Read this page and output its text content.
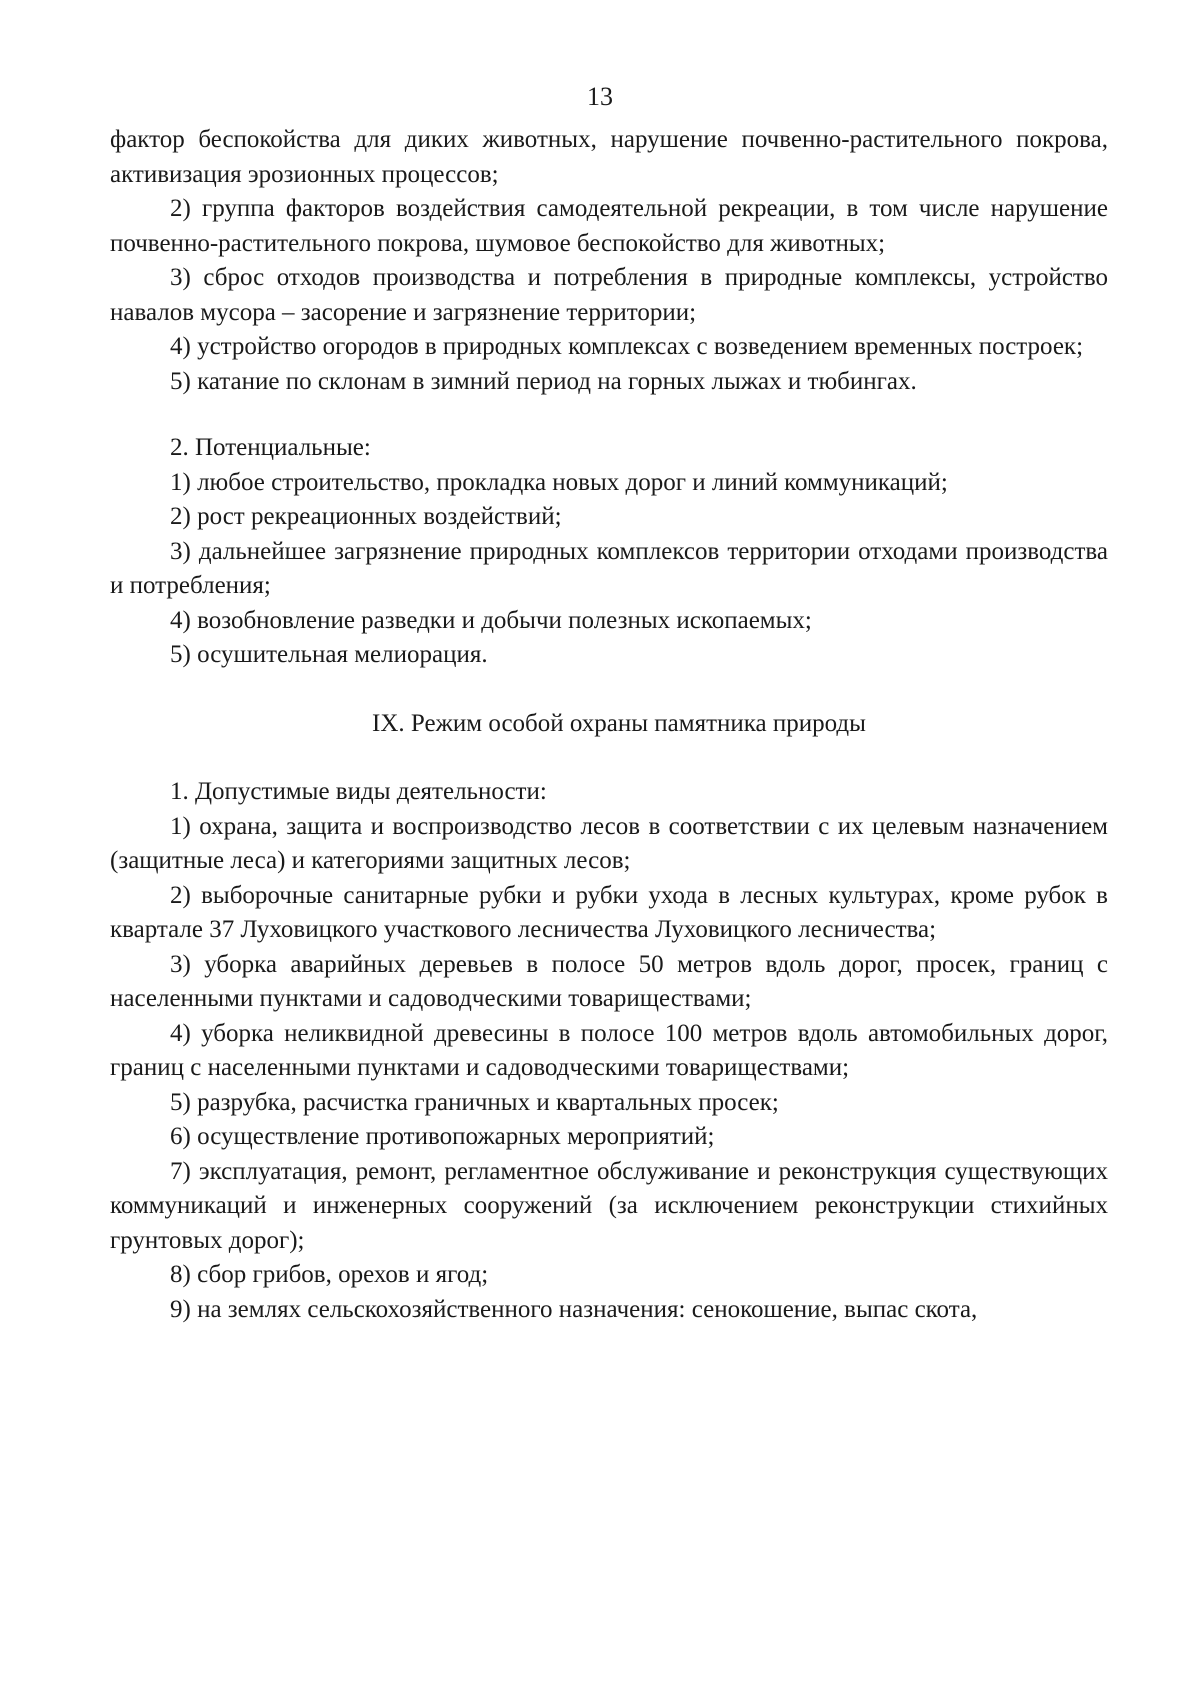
13

фактор беспокойства для диких животных, нарушение почвенно-растительного покрова, активизация эрозионных процессов;

2) группа факторов воздействия самодеятельной рекреации, в том числе нарушение почвенно-растительного покрова, шумовое беспокойство для животных;

3) сброс отходов производства и потребления в природные комплексы, устройство навалов мусора – засорение и загрязнение территории;

4) устройство огородов в природных комплексах с возведением временных построек;

5) катание по склонам в зимний период на горных лыжах и тюбингах.

2. Потенциальные:

1) любое строительство, прокладка новых дорог и линий коммуникаций;

2) рост рекреационных воздействий;

3) дальнейшее загрязнение природных комплексов территории отходами производства и потребления;

4) возобновление разведки и добычи полезных ископаемых;

5) осушительная мелиорация.

IX. Режим особой охраны памятника природы

1. Допустимые виды деятельности:

1) охрана, защита и воспроизводство лесов в соответствии с их целевым назначением (защитные леса) и категориями защитных лесов;

2) выборочные санитарные рубки и рубки ухода в лесных культурах, кроме рубок в квартале 37 Луховицкого участкового лесничества Луховицкого лесничества;

3) уборка аварийных деревьев в полосе 50 метров вдоль дорог, просек, границ с населенными пунктами и садоводческими товариществами;

4) уборка неликвидной древесины в полосе 100 метров вдоль автомобильных дорог, границ с населенными пунктами и садоводческими товариществами;

5) разрубка, расчистка граничных и квартальных просек;

6) осуществление противопожарных мероприятий;

7) эксплуатация, ремонт, регламентное обслуживание и реконструкция существующих коммуникаций и инженерных сооружений (за исключением реконструкции стихийных грунтовых дорог);

8) сбор грибов, орехов и ягод;

9) на землях сельскохозяйственного назначения: сенокошение, выпас скота,
